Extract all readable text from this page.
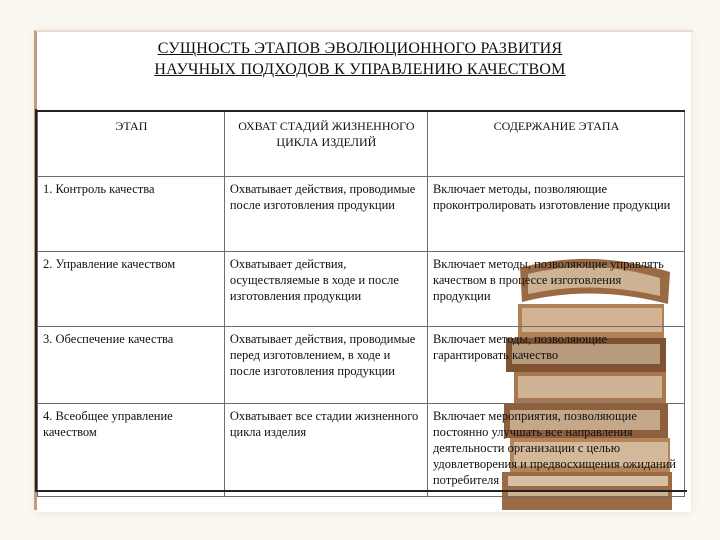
СУЩНОСТЬ ЭТАПОВ ЭВОЛЮЦИОННОГО РАЗВИТИЯ
НАУЧНЫХ ПОДХОДОВ К УПРАВЛЕНИЮ КАЧЕСТВОМ
ЭТАП	ОХВАТ СТАДИЙ ЖИЗНЕННОГО ЦИКЛА ИЗДЕЛИЙ	СОДЕРЖАНИЕ ЭТАПА
1. Контроль качества	Охватывает действия, проводимые после изготовления продукции	Включает методы, позволяющие проконтролировать изготовление продукции
2. Управление качеством	Охватывает действия, осуществляемые в ходе и после изготовления продукции	Включает методы, позволяющие управлять качеством в процессе изготовления продукции
3. Обеспечение качества	Охватывает действия, проводимые перед изготовлением, в ходе и после изготовления продукции	Включает методы, позволяющие гарантировать качество
4. Всеобщее управление качеством	Охватывает все стадии жизненного цикла изделия	Включает мероприятия, позволяющие постоянно улучшать все направления деятельности организации с целью удовлетворения и предвосхищения ожиданий потребителя
